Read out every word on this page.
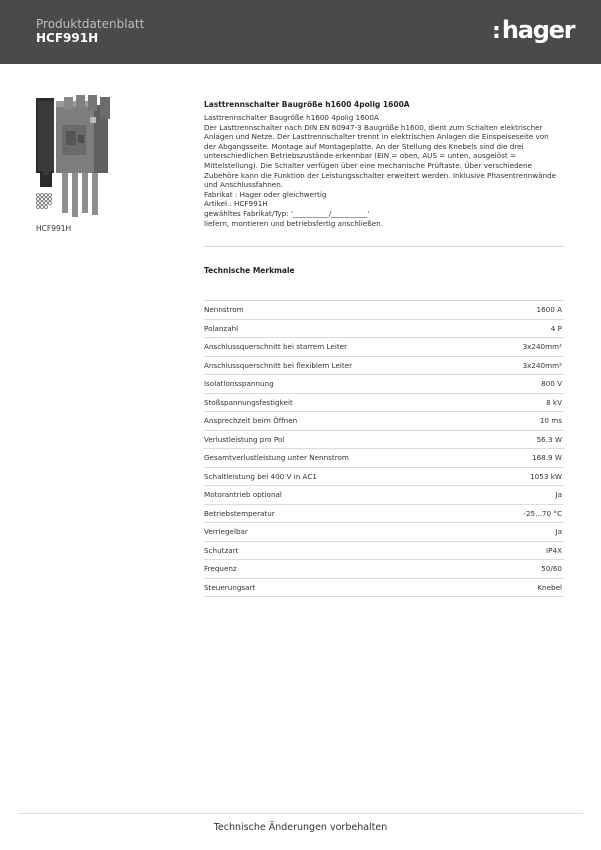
Produktdatenblatt
HCF991H	:hager
HCF991H
Lasttrennschalter Baugröße h1600 4polig 1600A
Lasttrennschalter Baugröße h1600 4polig 1600A
Der Lasttrennschalter nach DIN EN 60947-3 Baugröße h1600, dient zum Schalten elektrischer
Anlagen und Netze. Der Lasttrennschalter trennt in elektrischen Anlagen die Einspeiseseite von
der Abgangsseite. Montage auf Montageplatte. An der Stellung des Knebels sind die drei
unterschiedlichen Betriebszustände erkennbar (EIN = oben, AUS = unten, ausgelöst =
Mittelstellung). Die Schalter verfügen über eine mechanische Prüftaste. Über verschiedene
Zubehöre kann die Funktion der Leistungsschalter erweitert werden. Inklusive Phasentrennwände
und Anschlussfahnen.
Fabrikat : Hager oder gleichwertig
Artikel : HCF991H
gewähltes Fabrikat/Typ: '__________/__________'
liefern, montieren und betriebsfertig anschließen.
Technische Merkmale
Nennstrom	1600 A
Polanzahl	4 P
Anschlussquerschnitt bei starrem Leiter	3x240mm²
Anschlussquerschnitt bei flexiblem Leiter	3x240mm²
Isolationsspannung	800 V
Stoßspannungsfestigkeit	8 kV
Ansprechzeit beim Öffnen	10 ms
Verlustleistung pro Pol	56.3 W
Gesamtverlustleistung unter Nennstrom	168.9 W
Schaltleistung bei 400 V in AC1	1053 kW
Motorantrieb optional	Ja
Betriebstemperatur	-25...70 °C
Verriegelbar	Ja
Schutzart	IP4X
Frequenz	50/60
Steuerungsart	Knebel
Technische Änderungen vorbehalten
